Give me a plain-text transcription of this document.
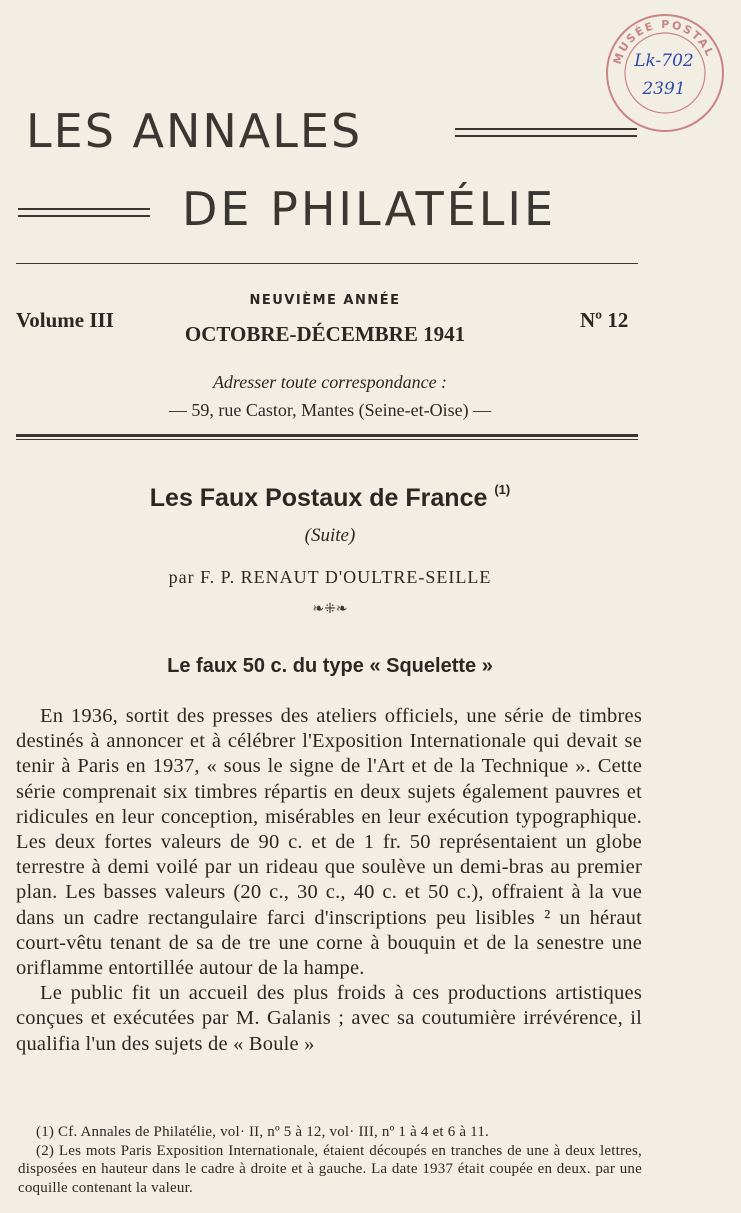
MUSÉE POSTAL
Lk-702
2391
LES ANNALES
DE PHILATÉLIE
Volume III
NEUVIÈME ANNÉE
OCTOBRE-DÉCEMBRE 1941
Nº 12
Adresser toute correspondance :
— 59, rue Castor, Mantes (Seine-et-Oise) —
Les Faux Postaux de France $^{(1)}$
(Suite)
par F. P. RENAUT D'OULTRE-SEILLE
❧⁜❧
Le faux 50 c. du type « Squelette »

En 1936, sortit des presses des ateliers officiels, une série de timbres destinés à annoncer et à célébrer l'Exposition Internationale qui devait se tenir à Paris en 1937, « sous le signe de l'Art et de la Technique ». Cette série comprenait six timbres répartis en deux sujets également pauvres et ridicules en leur conception, misérables en leur exécution typographique. Les deux fortes valeurs de 90 c. et de 1 fr. 50 représentaient un globe terrestre à demi voilé par un rideau que soulève un demi-bras au premier plan. Les basses valeurs (20 c., 30 c., 40 c. et 50 c.), offraient à la vue dans un cadre rectangulaire farci d'inscriptions peu lisibles ² un héraut court-vêtu tenant de sa de tre une corne à bouquin et de la senestre une oriflamme entortillée autour de la hampe.

Le public fit un accueil des plus froids à ces productions artistiques conçues et exécutées par M. Galanis ; avec sa coutumière irrévérence, il qualifia l'un des sujets de « Boule »

(1) Cf. Annales de Philatélie, vol· II, nº 5 à 12, vol· III, nº 1 à 4 et 6 à 11.

(2) Les mots Paris Exposition Internationale, étaient découpés en tranches de une à deux lettres, disposées en hauteur dans le cadre à droite et à gauche. La date 1937 était coupée en deux. par une coquille contenant la valeur.
